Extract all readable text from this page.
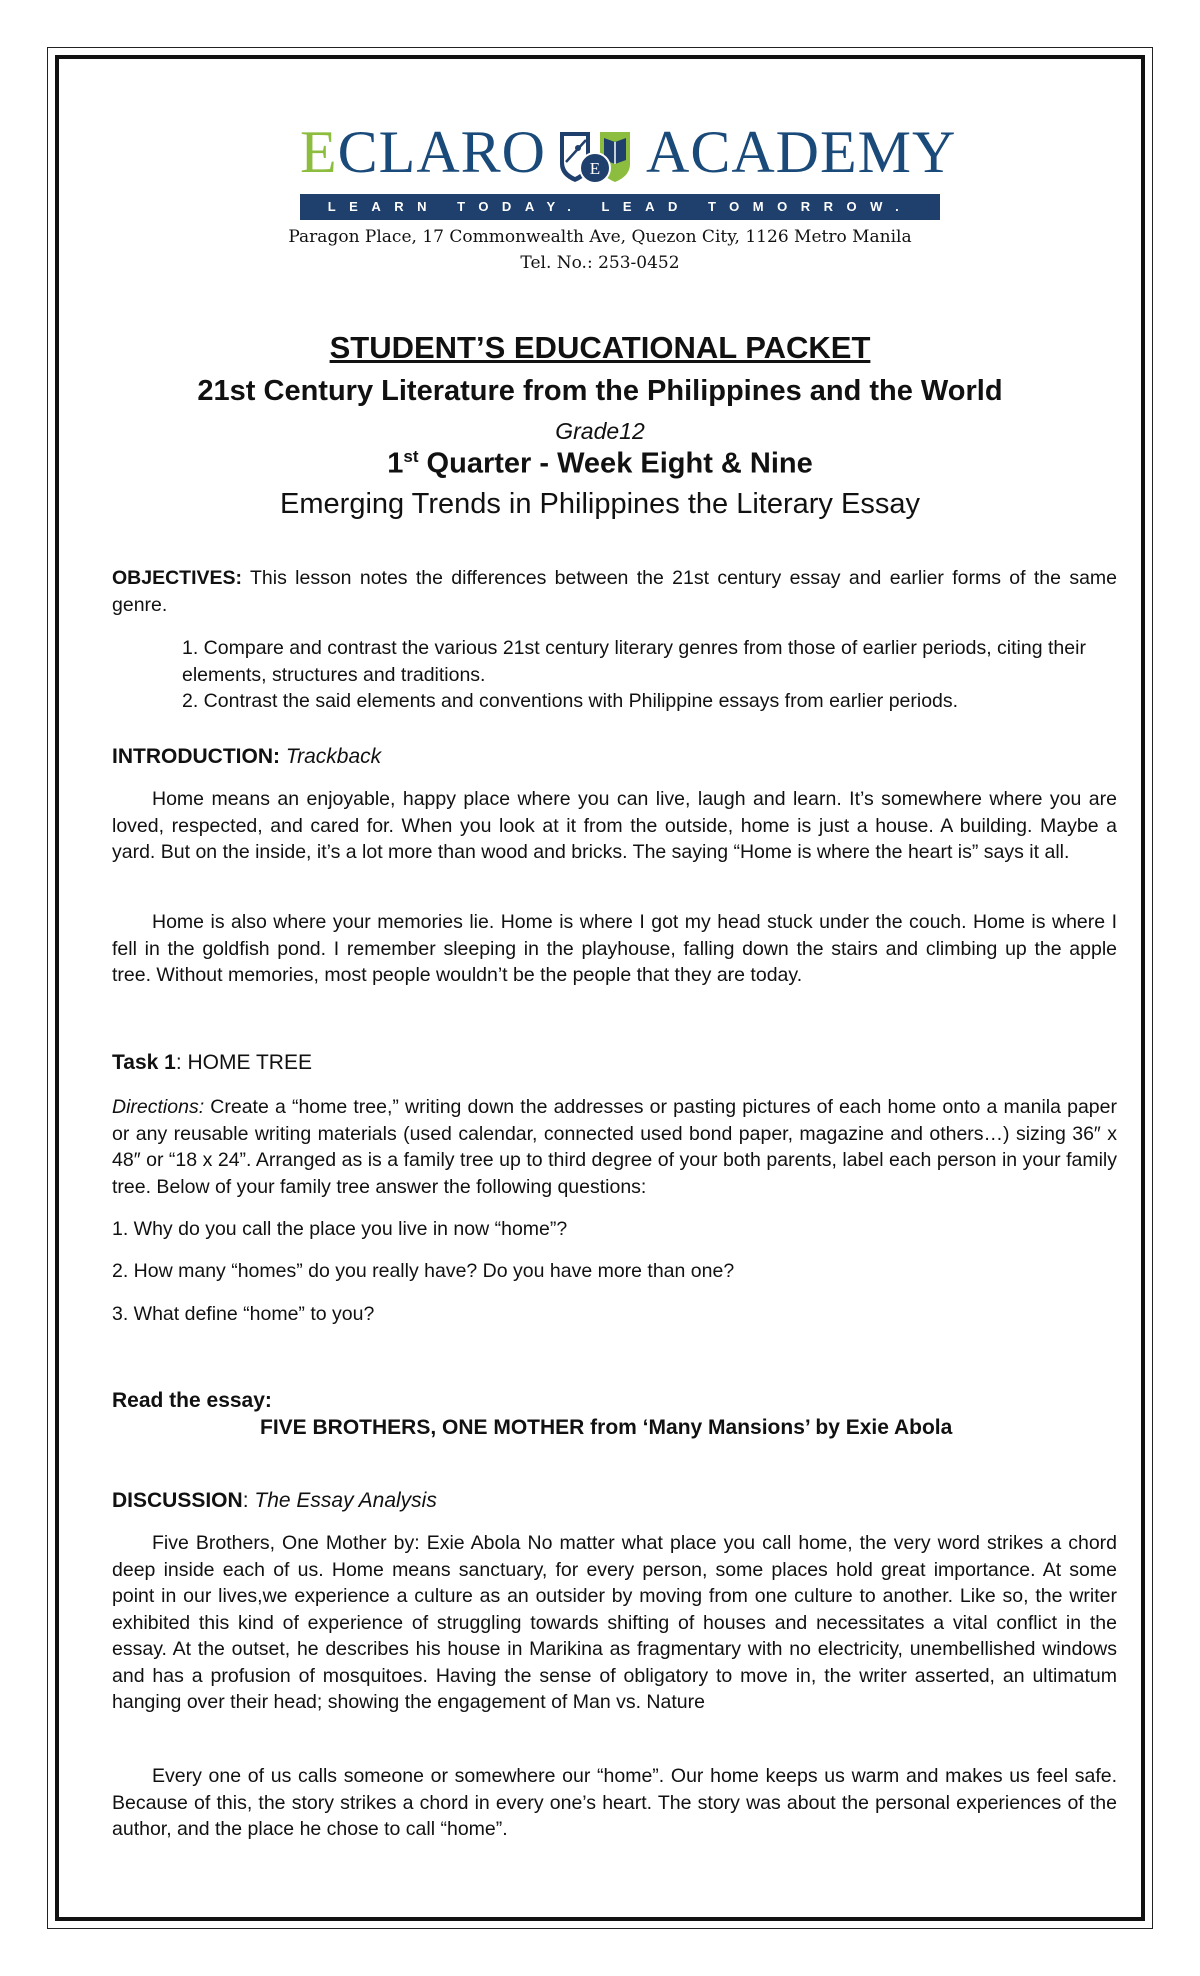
ECLARO	E ACADEMY
LEARN TODAY. LEAD TOMORROW.
Paragon Place, 17 Commonwealth Ave, Quezon City, 1126 Metro Manila
Tel. No.: 253-0452
STUDENT’S EDUCATIONAL PACKET
21st Century Literature from the Philippines and the World
Grade12
1st Quarter - Week Eight & Nine
Emerging Trends in Philippines the Literary Essay
OBJECTIVES: This lesson notes the differences between the 21st century essay and earlier forms of the same genre.
1. Compare and contrast the various 21st century literary genres from those of earlier periods, citing their elements, structures and traditions.
2. Contrast the said elements and conventions with Philippine essays from earlier periods.
INTRODUCTION: Trackback
Home means an enjoyable, happy place where you can live, laugh and learn. It’s somewhere where you are loved, respected, and cared for. When you look at it from the outside, home is just a house. A building. Maybe a yard. But on the inside, it’s a lot more than wood and bricks. The saying “Home is where the heart is” says it all.
Home is also where your memories lie. Home is where I got my head stuck under the couch. Home is where I fell in the goldfish pond. I remember sleeping in the playhouse, falling down the stairs and climbing up the apple tree. Without memories, most people wouldn’t be the people that they are today.
Task 1: HOME TREE
Directions: Create a “home tree,” writing down the addresses or pasting pictures of each home onto a manila paper or any reusable writing materials (used calendar, connected used bond paper, magazine and others…) sizing 36″ x 48″ or “18 x 24”. Arranged as is a family tree up to third degree of your both parents, label each person in your family tree. Below of your family tree answer the following questions:
1. Why do you call the place you live in now “home”?
2. How many “homes” do you really have? Do you have more than one?
3. What define “home” to you?
Read the essay:
FIVE BROTHERS, ONE MOTHER from ‘Many Mansions’ by Exie Abola
DISCUSSION: The Essay Analysis
Five Brothers, One Mother by: Exie Abola No matter what place you call home, the very word strikes a chord deep inside each of us. Home means sanctuary, for every person, some places hold great importance. At some point in our lives,we experience a culture as an outsider by moving from one culture to another. Like so, the writer exhibited this kind of experience of struggling towards shifting of houses and necessitates a vital conflict in the essay. At the outset, he describes his house in Marikina as fragmentary with no electricity, unembellished windows and has a profusion of mosquitoes. Having the sense of obligatory to move in, the writer asserted, an ultimatum hanging over their head; showing the engagement of Man vs. Nature
Every one of us calls someone or somewhere our “home”. Our home keeps us warm and makes us feel safe. Because of this, the story strikes a chord in every one’s heart. The story was about the personal experiences of the author, and the place he chose to call “home”.
